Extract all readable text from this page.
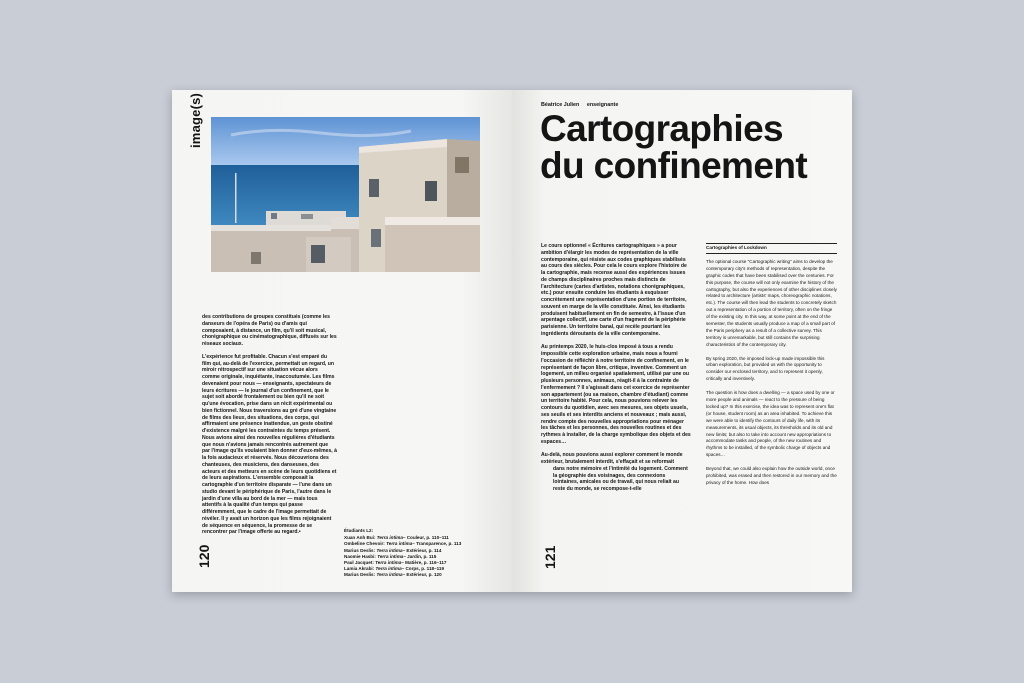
image(s)

des contributions de groupes constitués (comme les danseurs de l'opéra de Paris) ou d'amis qui composaient, à distance, un film, qu'il soit musical, chorégraphique ou cinématographique, diffusés sur les réseaux sociaux.

L'expérience fut profitable. Chacun s'est emparé du film qui, au-delà de l'exercice, permettait un regard, un miroir rétrospectif sur une situation vécue alors comme originale, inquiétante, inaccoutumée. Les films devenaient pour nous — enseignants, spectateurs de leurs écritures — le journal d'un confinement, que le sujet soit abordé frontalement ou bien qu'il ne soit qu'une évocation, prise dans un récit expérimental ou bien fictionnel. Nous traversions au gré d'une vingtaine de films des lieux, des situations, des corps, qui affirmaient une présence inattendue, un geste obstiné d'existence malgré les contraintes du temps présent. Nous avions ainsi des nouvelles régulières d'étudiants que nous n'avions jamais rencontrés autrement que par l'image qu'ils voulaient bien donner d'eux-mêmes, à la fois audacieux et réservés. Nous découvrions des chanteuses, des musiciens, des danseuses, des acteurs et des metteurs en scène de leurs quotidiens et de leurs aspirations. L'ensemble composait la cartographie d'un territoire disparate — l'une dans un studio devant le périphérique de Paris, l'autre dans le jardin d'une villa au bord de la mer — mais tous attentifs à la qualité d'un temps qui passe différemment, que le cadre de l'image permettait de révéler. Il y avait un horizon que les films rejoignaient de séquence en séquence, la promesse de se rencontrer par l'image offerte au regard.•

120
Étudiants L2:
Xuan Anh Bui: Terra intima– Couleur, p. 110–111
Ombeline Chevoir: Terra intima– Transparence, p. 113
Marius Deslis: Terra intima– Extérieur, p. 114
Naomie Hasbi: Terra intima– Jardin, p. 115
Paul Jacquet: Terra intima– Matière, p. 116–117
Lamia Akrabi: Terra intima– Corps, p. 118–119
Marius Deslis: Terra intima– Extérieur, p. 120
Béatrice Julien enseignante
Cartographies
du confinement

Le cours optionnel « Écritures cartographiques » a pour ambition d'élargir les modes de représentation de la ville contemporaine, qui résiste aux codes graphiques stabilisés au cours des siècles. Pour cela le cours explore l'histoire de la cartographie, mais recense aussi des expériences issues de champs disciplinaires proches mais distincts de l'architecture (cartes d'artistes, notations chorégraphiques, etc.) pour ensuite conduire les étudiants à esquisser concrètement une représentation d'une portion de territoire, souvent en marge de la ville constituée. Ainsi, les étudiants produisent habituellement en fin de semestre, à l'issue d'un arpentage collectif, une carte d'un fragment de la périphérie parisienne. Un territoire banal, qui recèle pourtant les ingrédients déroutants de la ville contemporaine.

Au printemps 2020, le huis-clos imposé à tous a rendu impossible cette exploration urbaine, mais nous a fourni l'occasion de réfléchir à notre territoire de confinement, en le représentant de façon libre, critique, inventive. Comment un logement, un milieu organisé spatialement, utilisé par une ou plusieurs personnes, animaux, réagit-il à la contrainte de l'enfermement ? Il s'agissait dans cet exercice de représenter son appartement (ou sa maison, chambre d'étudiant) comme un territoire habité. Pour cela, nous pouvions relever les contours du quotidien, avec ses mesures, ses objets usuels, ses seuils et ses interdits anciens et nouveaux ; mais aussi, rendre compte des nouvelles appropriations pour ménager les tâches et les personnes, des nouvelles routines et des rythmes à installer, de la charge symbolique des objets et des espaces…

Au-delà, nous pouvions aussi explorer comment le monde extérieur, brutalement interdit, s'effaçait et se reformait

dans notre mémoire et l'intimité du logement. Comment la géographie des voisinages, des connexions lointaines, amicales ou de travail, qui nous reliait au reste du monde, se recompose-t-elle

121
Cartographies of Lockdown

The optional course "Cartographic writing" aims to develop the contemporary city's methods of representation, despite the graphic codes that have been stabilised over the centuries. For this purpose, the course will not only examine the history of the cartography, but also the experiences of other disciplines closely related to architecture (artists' maps, choreographic notations, etc.). The course will then lead the students to concretely sketch out a representation of a portion of territory, often on the fringe of the existing city. In this way, at some point at the end of the semester, the students usually produce a map of a small part of the Paris periphery as a result of a collective survey. This territory is unremarkable, but still contains the surprising characteristics of the contemporary city.

By spring 2020, the imposed lock-up made impossible this urban exploration, but provided us with the opportunity to consider our enclosed territory, and to represent it openly, critically and inventively.

The question is how does a dwelling — a space used by one or more people and animals — react to the pressure of being locked up? In this exercise, the idea was to represent one's flat (or house, student room) as an area inhabited. To achieve this we were able to identify the contours of daily life, with its measurements, its usual objects, its thresholds and its old and new limits; but also to take into account new appropriations to accommodate tasks and people, of the new routines and rhythms to be installed, of the symbolic charge of objects and spaces…

Beyond that, we could also explain how the outside world, once prohibited, was erased and then restored in our memory and the privacy of the home. How does
